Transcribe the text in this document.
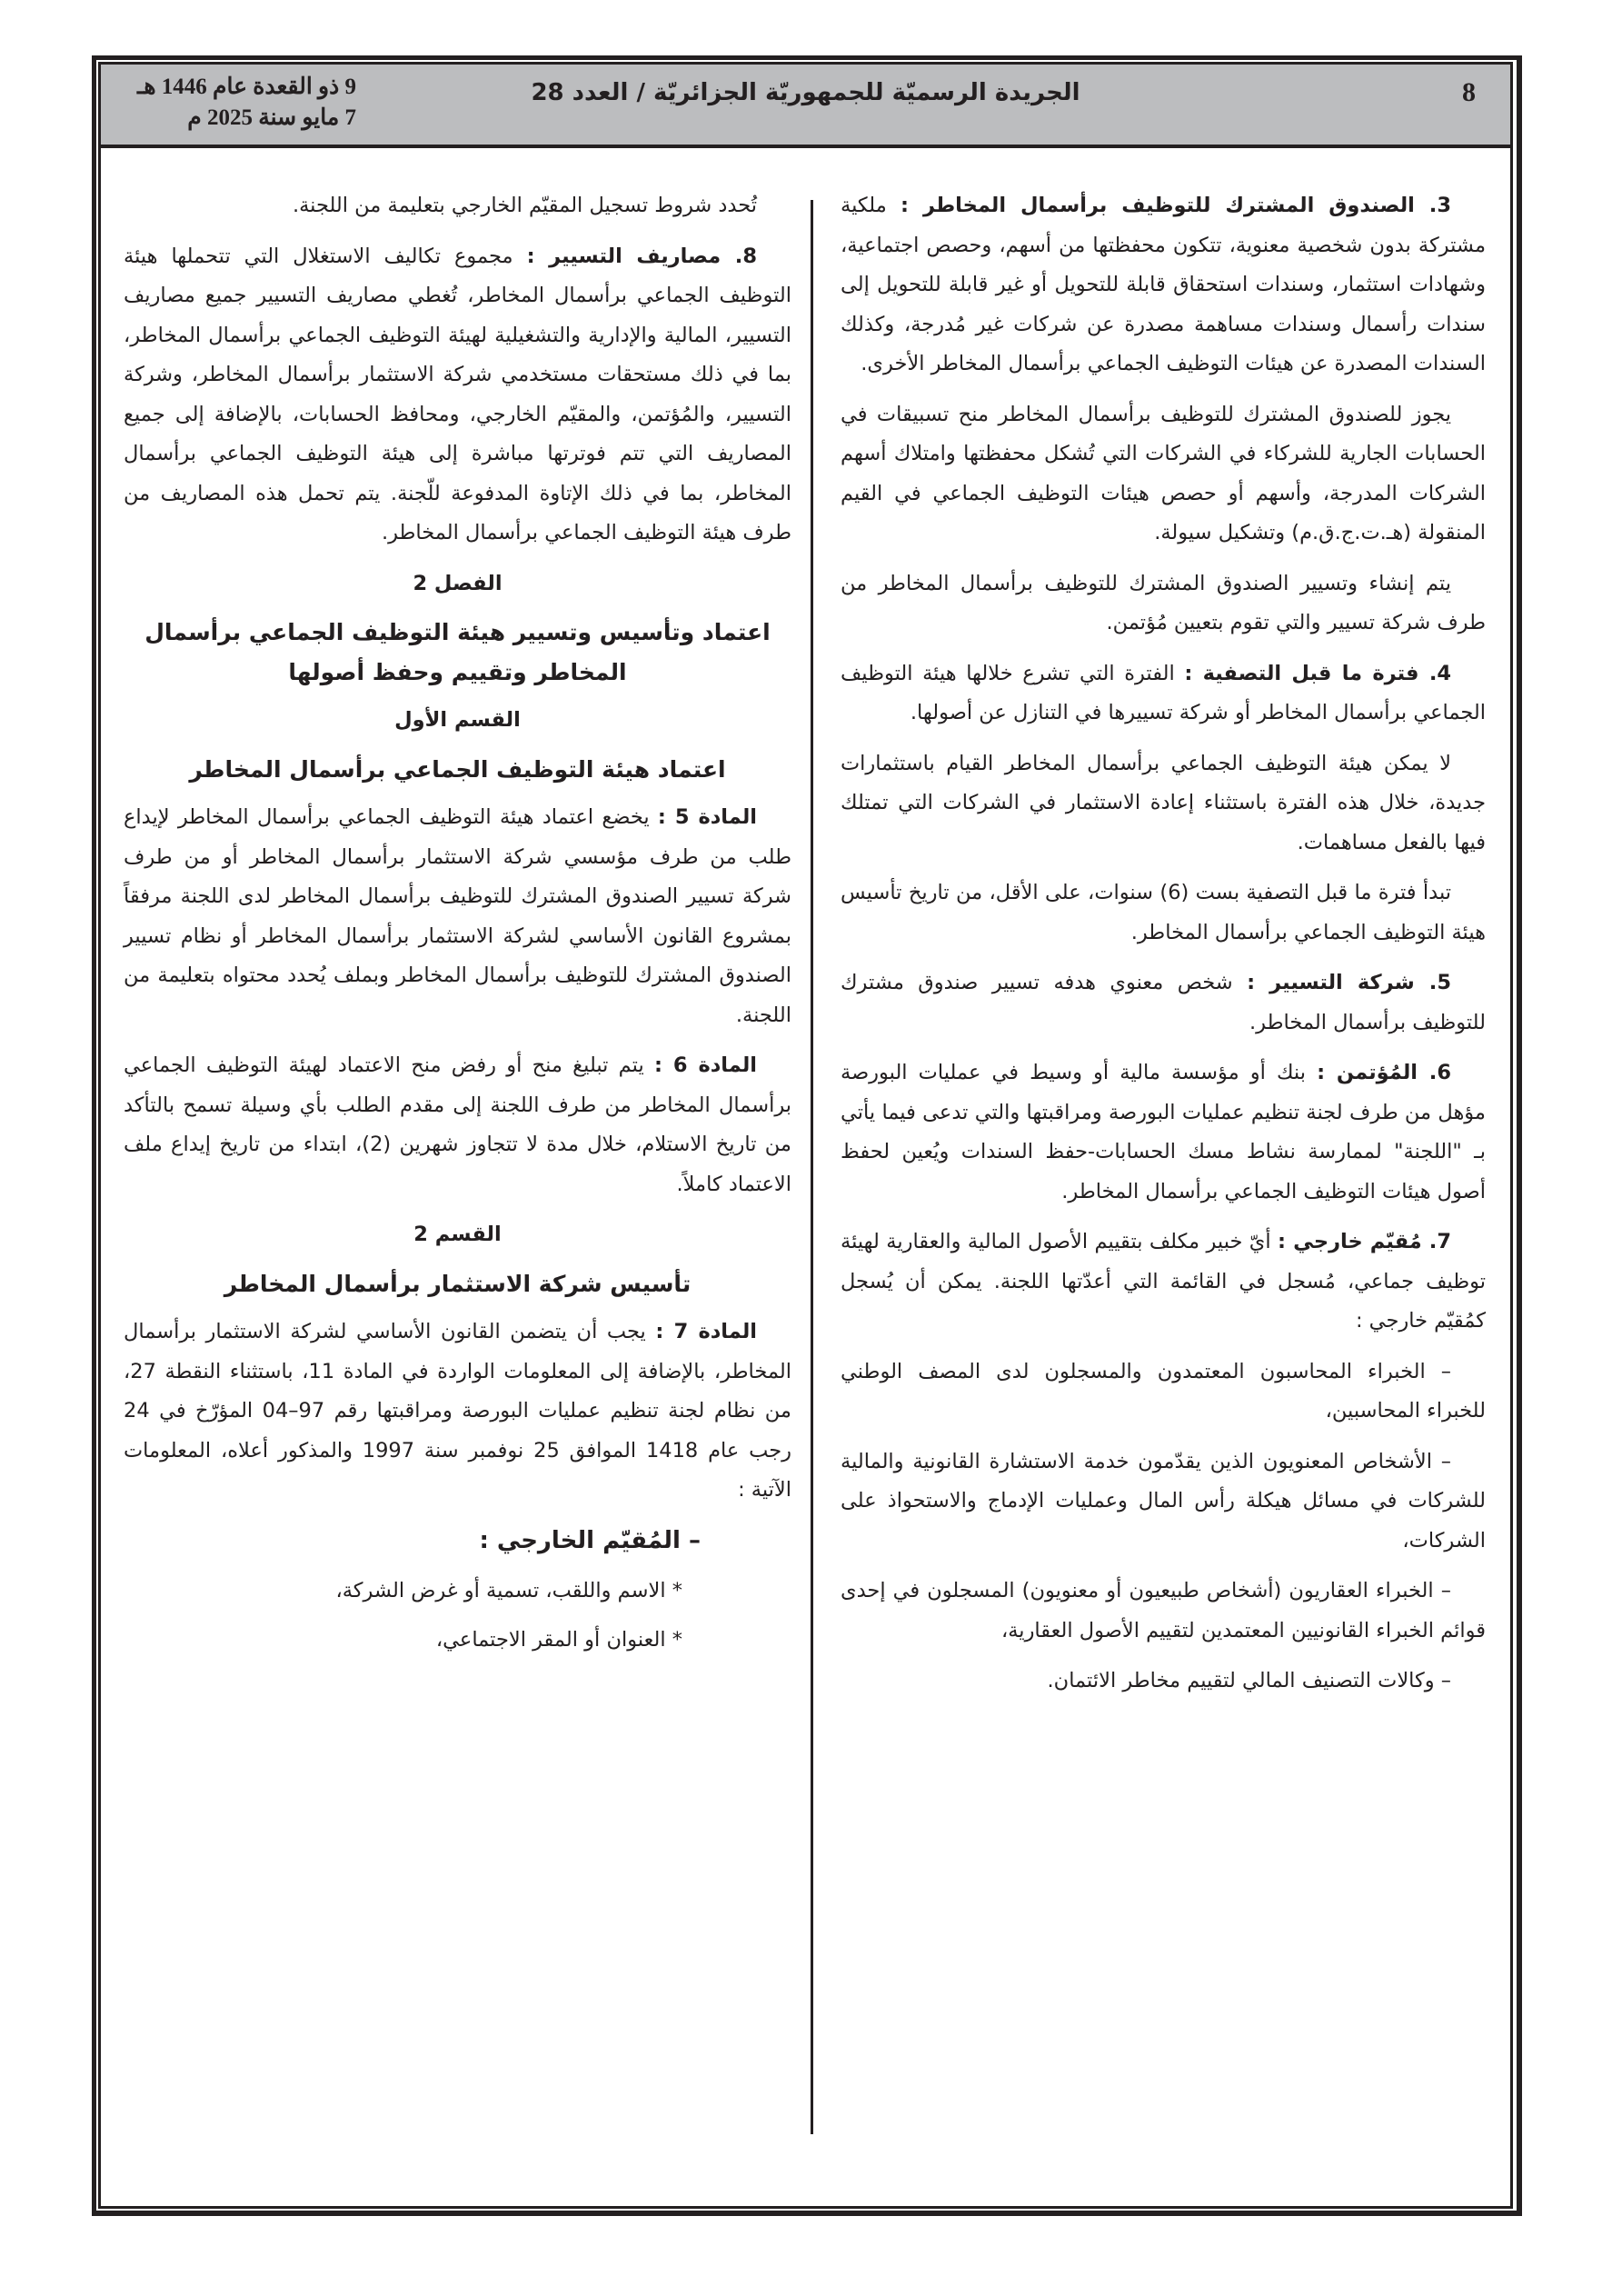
8
الجريدة الرسميّة للجمهوريّة الجزائريّة / العدد 28
9 ذو القعدة عام 1446 هـ
7 مايو سنة 2025 م

3. الصندوق المشترك للتوظيف برأسمال المخاطر : ملكية مشتركة بدون شخصية معنوية، تتكون محفظتها من أسهم، وحصص اجتماعية، وشهادات استثمار، وسندات استحقاق قابلة للتحويل أو غير قابلة للتحويل إلى سندات رأسمال وسندات مساهمة مصدرة عن شركات غير مُدرجة، وكذلك السندات المصدرة عن هيئات التوظيف الجماعي برأسمال المخاطر الأخرى.

يجوز للصندوق المشترك للتوظيف برأسمال المخاطر منح تسبيقات في الحسابات الجارية للشركاء في الشركات التي تُشكل محفظتها وامتلاك أسهم الشركات المدرجة، وأسهم أو حصص هيئات التوظيف الجماعي في القيم المنقولة (هـ.ت.ج.ق.م) وتشكيل سيولة.

يتم إنشاء وتسيير الصندوق المشترك للتوظيف برأسمال المخاطر من طرف شركة تسيير والتي تقوم بتعيين مُؤتمن.

4. فترة ما قبل التصفية : الفترة التي تشرع خلالها هيئة التوظيف الجماعي برأسمال المخاطر أو شركة تسييرها في التنازل عن أصولها.

لا يمكن هيئة التوظيف الجماعي برأسمال المخاطر القيام باستثمارات جديدة، خلال هذه الفترة باستثناء إعادة الاستثمار في الشركات التي تمتلك فيها بالفعل مساهمات.

تبدأ فترة ما قبل التصفية بست (6) سنوات، على الأقل، من تاريخ تأسيس هيئة التوظيف الجماعي برأسمال المخاطر.

5. شركة التسيير : شخص معنوي هدفه تسيير صندوق مشترك للتوظيف برأسمال المخاطر.

6. المُؤتمن : بنك أو مؤسسة مالية أو وسيط في عمليات البورصة مؤهل من طرف لجنة تنظيم عمليات البورصة ومراقبتها والتي تدعى فيما يأتي بـ "اللجنة" لممارسة نشاط مسك الحسابات-حفظ السندات ويُعين لحفظ أصول هيئات التوظيف الجماعي برأسمال المخاطر.

7. مُقيّم خارجي : أيّ خبير مكلف بتقييم الأصول المالية والعقارية لهيئة توظيف جماعي، مُسجل في القائمة التي أعدّتها اللجنة. يمكن أن يُسجل كمُقيّم خارجي :

– الخبراء المحاسبون المعتمدون والمسجلون لدى المصف الوطني للخبراء المحاسبين،

– الأشخاص المعنويون الذين يقدّمون خدمة الاستشارة القانونية والمالية للشركات في مسائل هيكلة رأس المال وعمليات الإدماج والاستحواذ على الشركات،

– الخبراء العقاريون (أشخاص طبيعيون أو معنويون) المسجلون في إحدى قوائم الخبراء القانونيين المعتمدين لتقييم الأصول العقارية،

– وكالات التصنيف المالي لتقييم مخاطر الائتمان.

تُحدد شروط تسجيل المقيّم الخارجي بتعليمة من اللجنة.

8. مصاريف التسيير : مجموع تكاليف الاستغلال التي تتحملها هيئة التوظيف الجماعي برأسمال المخاطر، تُغطي مصاريف التسيير جميع مصاريف التسيير، المالية والإدارية والتشغيلية لهيئة التوظيف الجماعي برأسمال المخاطر، بما في ذلك مستحقات مستخدمي شركة الاستثمار برأسمال المخاطر، وشركة التسيير، والمُؤتمن، والمقيّم الخارجي، ومحافظ الحسابات، بالإضافة إلى جميع المصاريف التي تتم فوترتها مباشرة إلى هيئة التوظيف الجماعي برأسمال المخاطر، بما في ذلك الإتاوة المدفوعة للّجنة. يتم تحمل هذه المصاريف من طرف هيئة التوظيف الجماعي برأسمال المخاطر.

الفصل 2

اعتماد وتأسيس وتسيير هيئة التوظيف الجماعي برأسمال المخاطر وتقييم وحفظ أصولها

القسم الأول

اعتماد هيئة التوظيف الجماعي برأسمال المخاطر

المادة 5 : يخضع اعتماد هيئة التوظيف الجماعي برأسمال المخاطر لإيداع طلب من طرف مؤسسي شركة الاستثمار برأسمال المخاطر أو من طرف شركة تسيير الصندوق المشترك للتوظيف برأسمال المخاطر لدى اللجنة مرفقاً بمشروع القانون الأساسي لشركة الاستثمار برأسمال المخاطر أو نظام تسيير الصندوق المشترك للتوظيف برأسمال المخاطر وبملف يُحدد محتواه بتعليمة من اللجنة.

المادة 6 : يتم تبليغ منح أو رفض منح الاعتماد لهيئة التوظيف الجماعي برأسمال المخاطر من طرف اللجنة إلى مقدم الطلب بأي وسيلة تسمح بالتأكد من تاريخ الاستلام، خلال مدة لا تتجاوز شهرين (2)، ابتداء من تاريخ إيداع ملف الاعتماد كاملاً.

القسم 2

تأسيس شركة الاستثمار برأسمال المخاطر

المادة 7 : يجب أن يتضمن القانون الأساسي لشركة الاستثمار برأسمال المخاطر، بالإضافة إلى المعلومات الواردة في المادة 11، باستثناء النقطة 27، من نظام لجنة تنظيم عمليات البورصة ومراقبتها رقم 97–04 المؤرّخ في 24 رجب عام 1418 الموافق 25 نوفمبر سنة 1997 والمذكور أعلاه، المعلومات الآتية :

– المُقيّم الخارجي :

* الاسم واللقب، تسمية أو غرض الشركة،

* العنوان أو المقر الاجتماعي،
